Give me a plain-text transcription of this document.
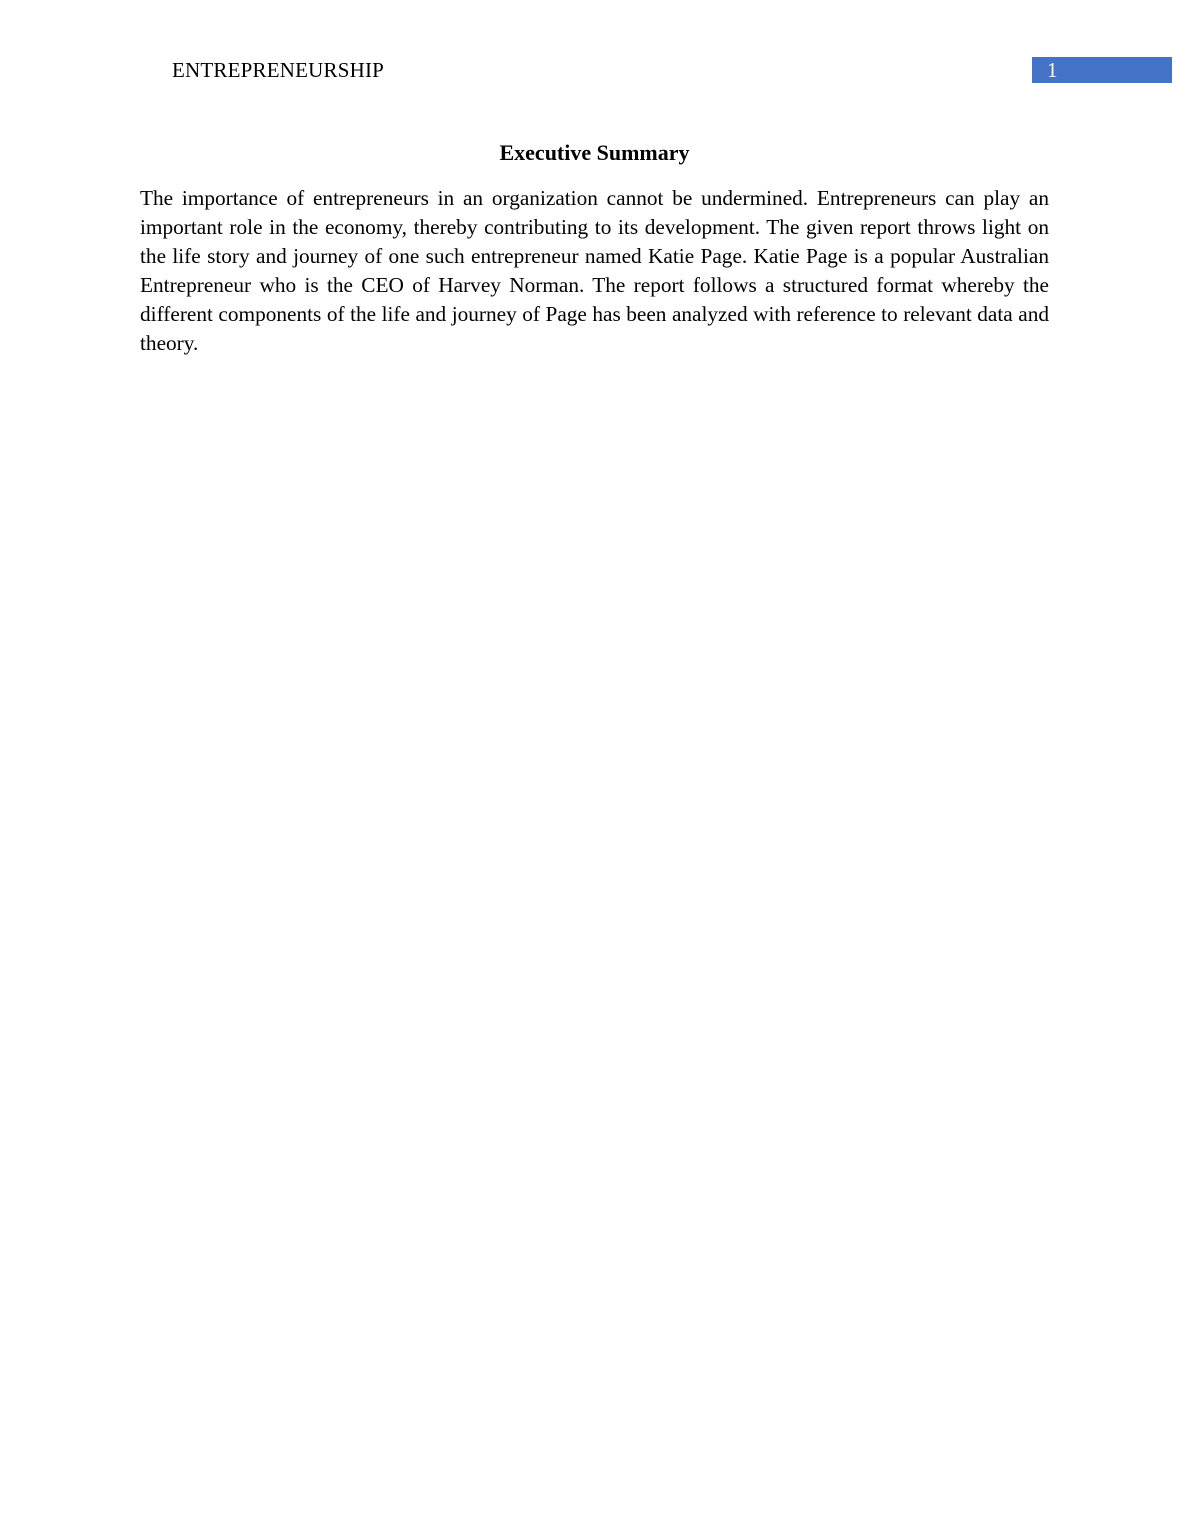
ENTREPRENEURSHIP	1
Executive Summary

The importance of entrepreneurs in an organization cannot be undermined. Entrepreneurs can play an important role in the economy, thereby contributing to its development. The given report throws light on the life story and journey of one such entrepreneur named Katie Page. Katie Page is a popular Australian Entrepreneur who is the CEO of Harvey Norman. The report follows a structured format whereby the different components of the life and journey of Page has been analyzed with reference to relevant data and theory.
